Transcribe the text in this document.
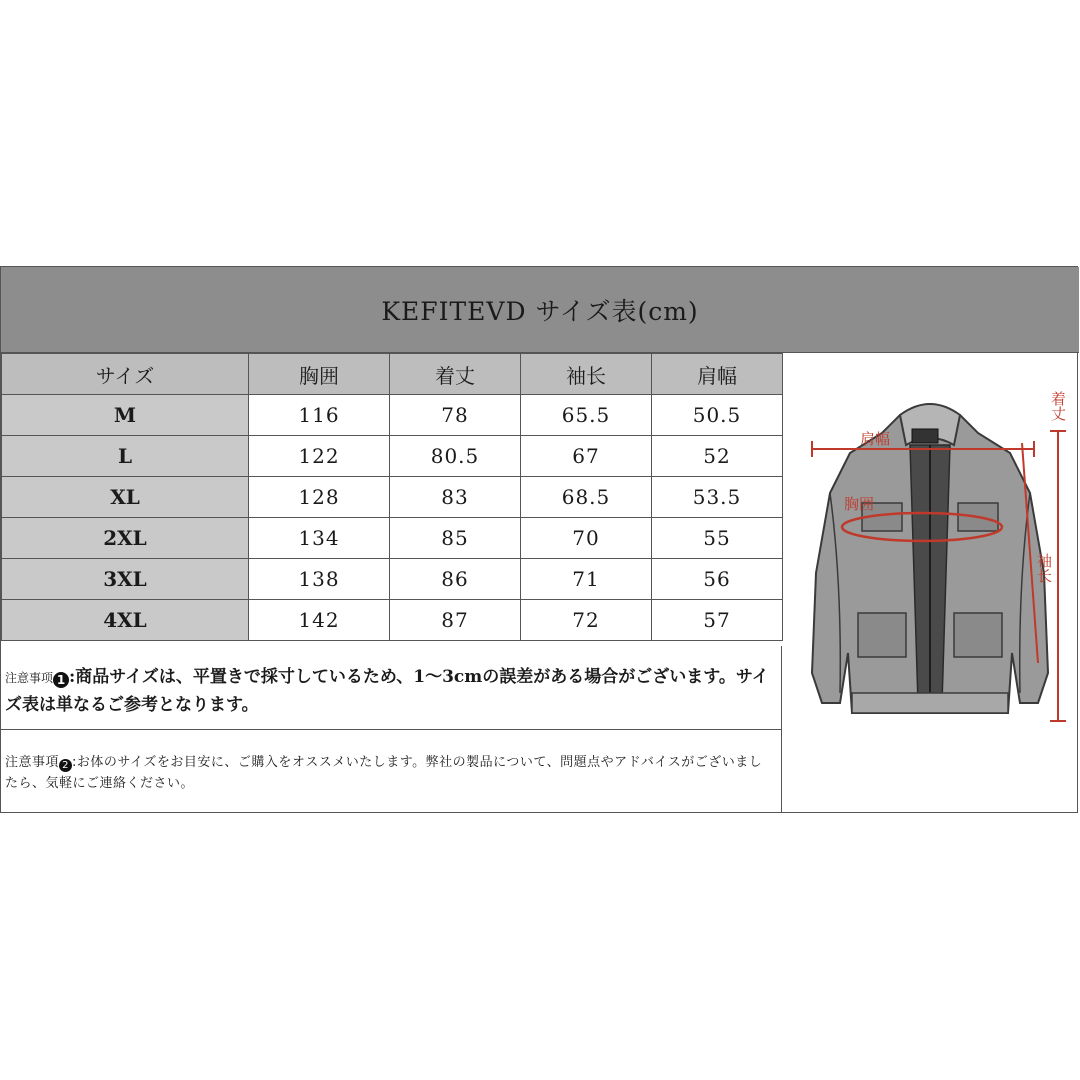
KEFITEVD サイズ表(cm)
サイズ	胸囲	着丈	袖长	肩幅
M	116	78	65.5	50.5
L	122	80.5	67	52
XL	128	83	68.5	53.5
2XL	134	85	70	55
3XL	138	86	71	56
4XL	142	87	72	57
注意事项 1 :商品サイズは、平置きで採寸しているため、1～3cmの誤差がある場合がございます。サイズ表は単なるご参考となります。
注意事項 2 :お体のサイズをお目安に、ご購入をオススメいたします。弊社の製品について、問題点やアドバイスがございましたら、気軽にご連絡ください。
肩幅
胸囲
着丈
袖长
